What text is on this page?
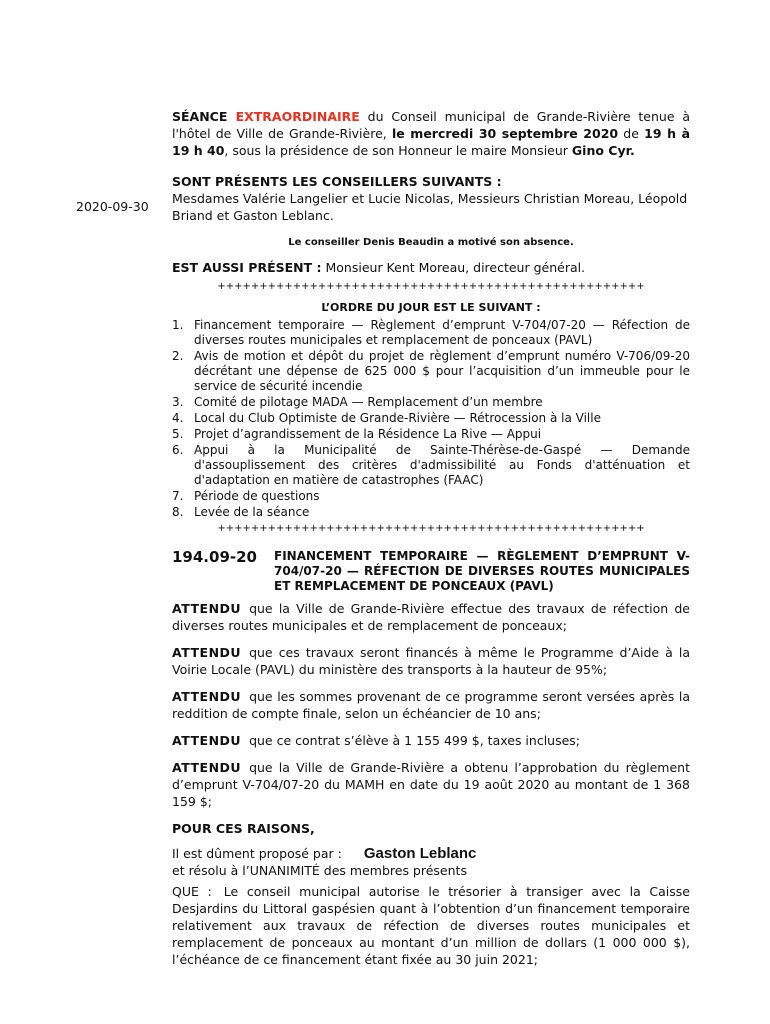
2020-09-30

SÉANCE EXTRAORDINAIRE du Conseil municipal de Grande-Rivière tenue à l'hôtel de Ville de Grande-Rivière, le mercredi 30 septembre 2020 de 19 h à 19 h 40, sous la présidence de son Honneur le maire Monsieur Gino Cyr.

SONT PRÉSENTS LES CONSEILLERS SUIVANTS :

Mesdames Valérie Langelier et Lucie Nicolas, Messieurs Christian Moreau, Léopold Briand et Gaston Leblanc.

Le conseiller Denis Beaudin a motivé son absence.

EST AUSSI PRÉSENT : Monsieur Kent Moreau, directeur général.

+++++++++++++++++++++++++++++++++++++++++++++++++++

L’ORDRE DU JOUR EST LE SUIVANT :

1. Financement temporaire — Règlement d’emprunt V-704/07-20 — Réfection de diverses routes municipales et remplacement de ponceaux (PAVL)
2. Avis de motion et dépôt du projet de règlement d’emprunt numéro V-706/09-20 décrétant une dépense de 625 000 $ pour l’acquisition d’un immeuble pour le service de sécurité incendie
3. Comité de pilotage MADA — Remplacement d’un membre
4. Local du Club Optimiste de Grande-Rivière — Rétrocession à la Ville
5. Projet d’agrandissement de la Résidence La Rive — Appui
6. Appui à la Municipalité de Sainte-Thérèse-de-Gaspé — Demande d'assouplissement des critères d'admissibilité au Fonds d'atténuation et d'adaptation en matière de catastrophes (FAAC)
7. Période de questions
8. Levée de la séance

+++++++++++++++++++++++++++++++++++++++++++++++++++

194.09-20	FINANCEMENT TEMPORAIRE — RÈGLEMENT D’EMPRUNT V-704/07-20 — RÉFECTION DE DIVERSES ROUTES MUNICIPALES ET REMPLACEMENT DE PONCEAUX (PAVL)

ATTENDU que la Ville de Grande-Rivière effectue des travaux de réfection de diverses routes municipales et de remplacement de ponceaux;

ATTENDU que ces travaux seront financés à même le Programme d’Aide à la Voirie Locale (PAVL) du ministère des transports à la hauteur de 95%;

ATTENDU que les sommes provenant de ce programme seront versées après la reddition de compte finale, selon un échéancier de 10 ans;

ATTENDU que ce contrat s’élève à 1 155 499 $, taxes incluses;

ATTENDU que la Ville de Grande-Rivière a obtenu l’approbation du règlement d’emprunt V-704/07-20 du MAMH en date du 19 août 2020 au montant de 1 368 159 $;

POUR CES RAISONS,

Il est dûment proposé par : Gaston Leblanc

et résolu à l’UNANIMITÉ des membres présents

QUE : Le conseil municipal autorise le trésorier à transiger avec la Caisse Desjardins du Littoral gaspésien quant à l’obtention d’un financement temporaire relativement aux travaux de réfection de diverses routes municipales et remplacement de ponceaux au montant d’un million de dollars (1 000 000 $), l’échéance de ce financement étant fixée au 30 juin 2021;
